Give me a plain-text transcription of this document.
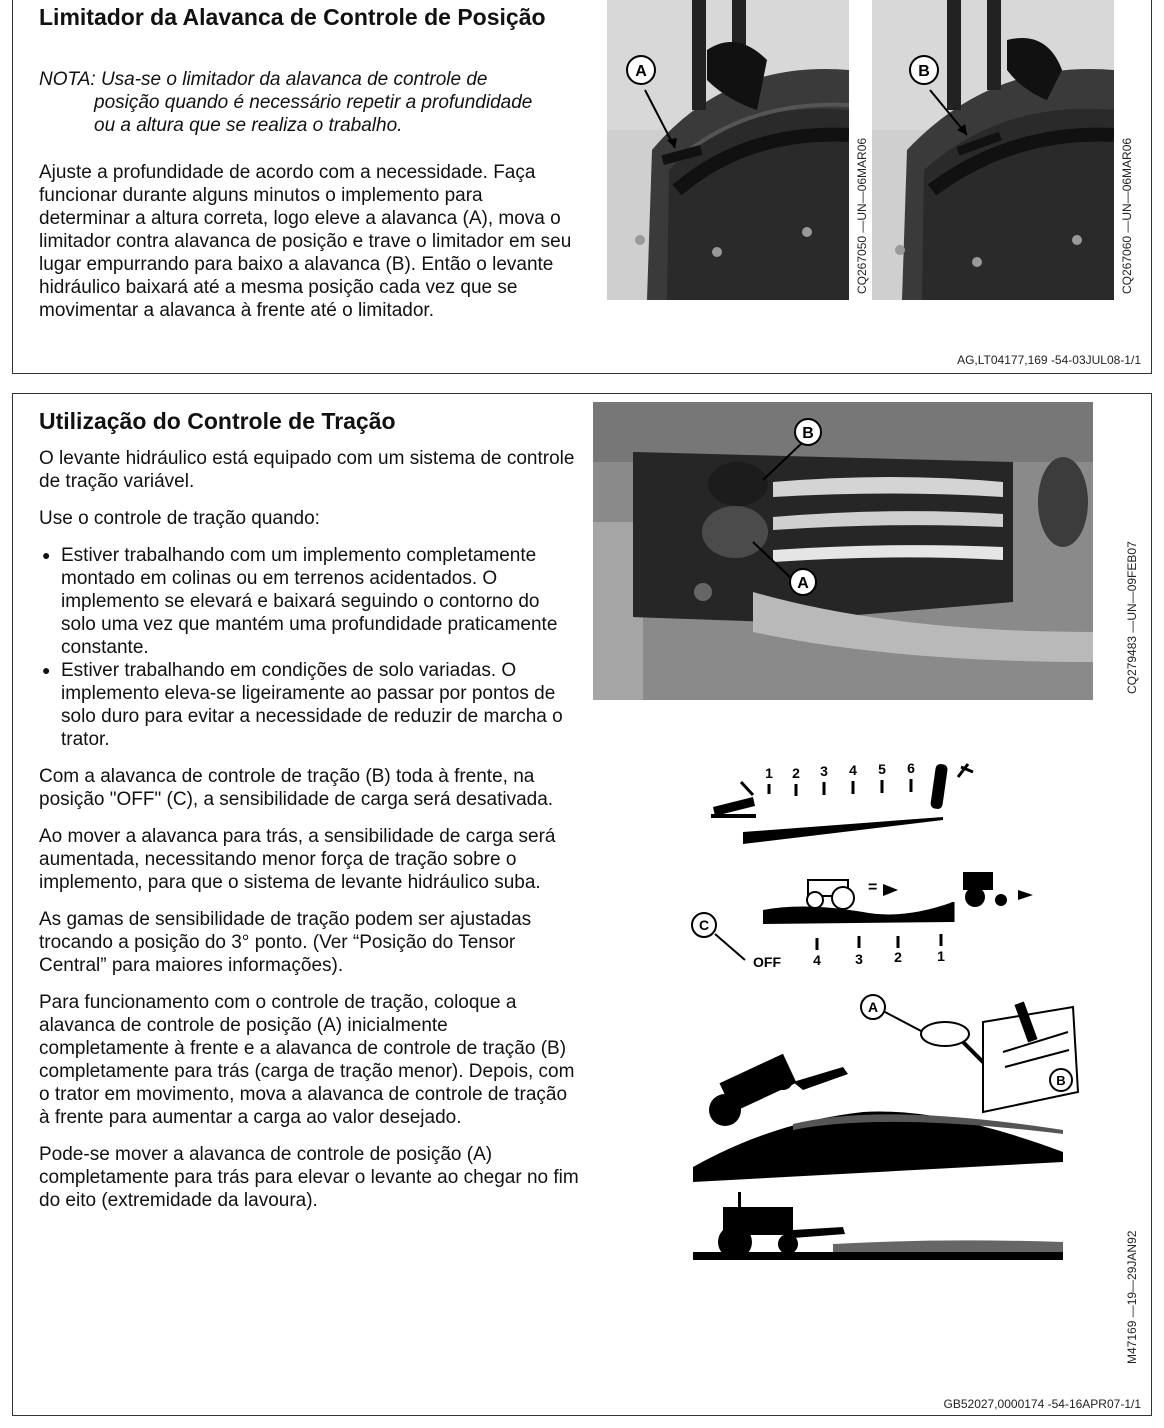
Limitador da Alavanca de Controle de Posição
NOTA: Usa-se o limitador da alavanca de controle de
posição quando é necessário repetir a profundidade
ou a altura que se realiza o trabalho.

Ajuste a profundidade de acordo com a necessidade. Faça funcionar durante alguns minutos o implemento para determinar a altura correta, logo eleve a alavanca (A), mova o limitador contra alavanca de posição e trave o limitador em seu lugar empurrando para baixo a alavanca (B). Então o levante hidráulico baixará até a mesma posição cada vez que se movimentar a alavanca à frente até o limitador.

A
CQ267050 —UN—06MAR06
B
CQ267060 —UN—06MAR06
AG,LT04177,169 -54-03JUL08-1/1
Utilização do Controle de Tração

O levante hidráulico está equipado com um sistema de controle de tração variável.

Use o controle de tração quando:

● Estiver trabalhando com um implemento completamente montado em colinas ou em terrenos acidentados. O implemento se elevará e baixará seguindo o contorno do solo uma vez que mantém uma profundidade praticamente constante.
● Estiver trabalhando em condições de solo variadas. O implemento eleva-se ligeiramente ao passar por pontos de solo duro para evitar a necessidade de reduzir de marcha o trator.

Com a alavanca de controle de tração (B) toda à frente, na posição "OFF" (C), a sensibilidade de carga será desativada.

Ao mover a alavanca para trás, a sensibilidade de carga será aumentada, necessitando menor força de tração sobre o implemento, para que o sistema de levante hidráulico suba.

As gamas de sensibilidade de tração podem ser ajustadas trocando a posição do 3° ponto. (Ver “Posição do Tensor Central” para maiores informações).

Para funcionamento com o controle de tração, coloque a alavanca de controle de posição (A) inicialmente completamente à frente e a alavanca de controle de tração (B) completamente para trás (carga de tração menor). Depois, com o trator em movimento, mova a alavanca de controle de tração à frente para aumentar a carga ao valor desejado.

Pode-se mover a alavanca de controle de posição (A) completamente para trás para elevar o levante ao chegar no fim do eito (extremidade da lavoura).

B
A	CQ279483 —UN—09FEB07
1 2 3 4 5 6
=
C
OFF 4 3 2	1
A
B
M47169 —19—29JAN92
GB52027,0000174 -54-16APR07-1/1
